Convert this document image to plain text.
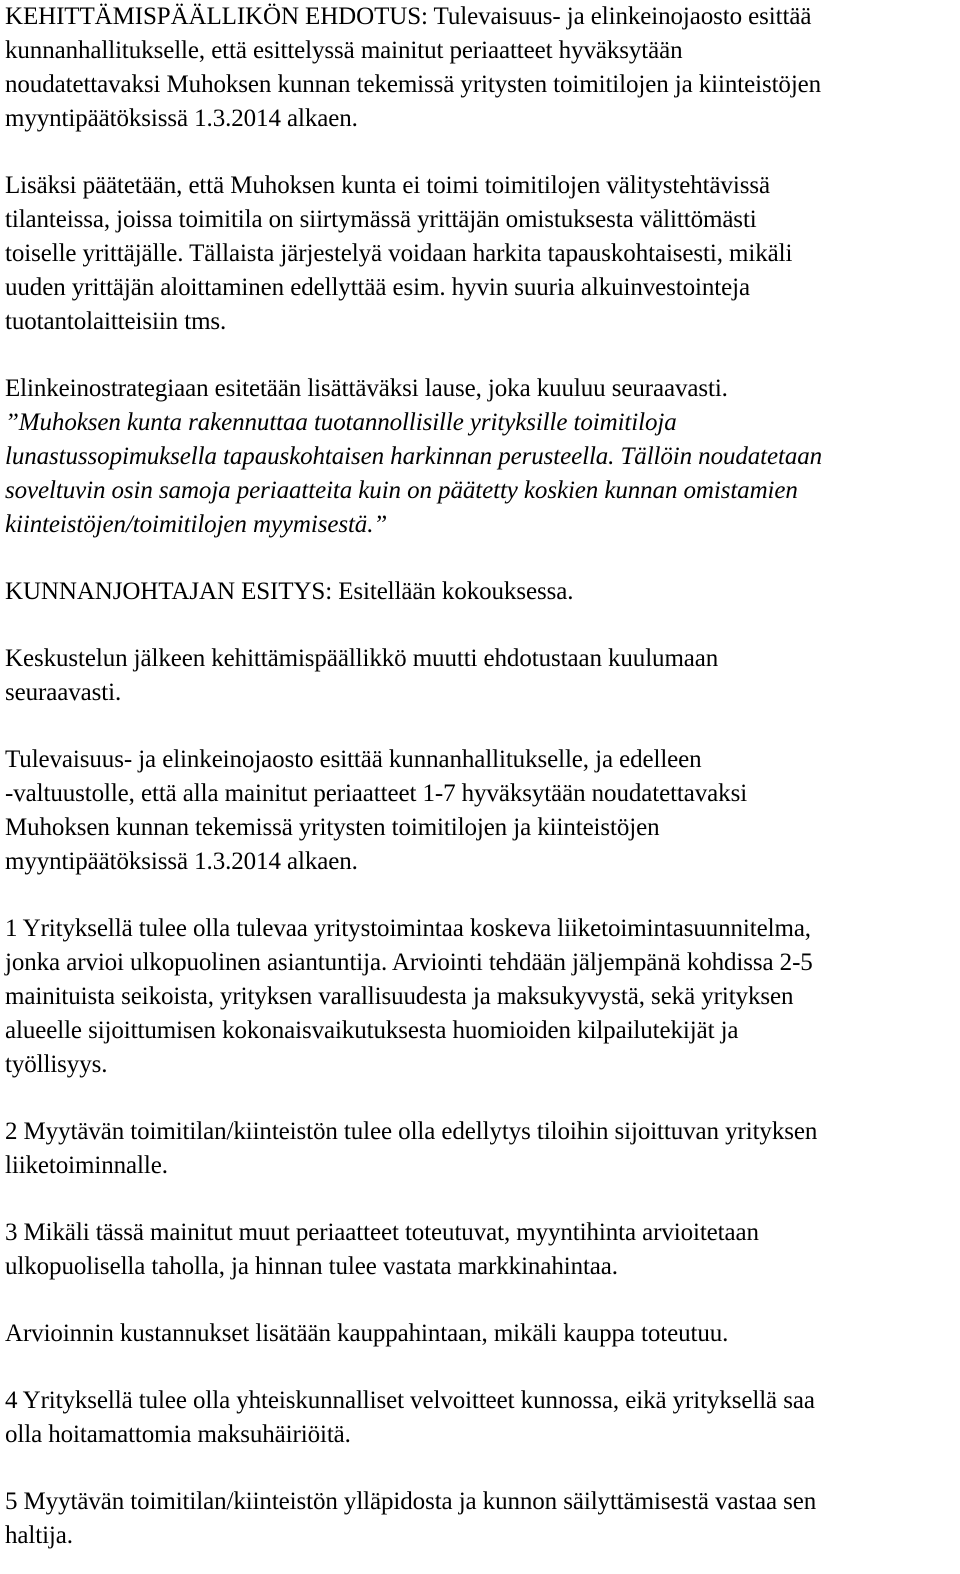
KEHITTÄMISPÄÄLLIKÖN EHDOTUS: Tulevaisuus- ja elinkeinojaosto esittää
kunnanhallitukselle, että esittelyssä mainitut periaatteet hyväksytään
noudatettavaksi Muhoksen kunnan tekemissä yritysten toimitilojen ja kiinteistöjen
myyntipäätöksissä 1.3.2014 alkaen.
Lisäksi päätetään, että Muhoksen kunta ei toimi toimitilojen välitystehtävissä
tilanteissa, joissa toimitila on siirtymässä yrittäjän omistuksesta välittömästi
toiselle yrittäjälle. Tällaista järjestelyä voidaan harkita tapauskohtaisesti, mikäli
uuden yrittäjän aloittaminen edellyttää esim. hyvin suuria alkuinvestointeja
tuotantolaitteisiin tms.
Elinkeinostrategiaan esitetään lisättäväksi lause, joka kuuluu seuraavasti.
”Muhoksen kunta rakennuttaa tuotannollisille yrityksille toimitiloja
lunastussopimuksella tapauskohtaisen harkinnan perusteella. Tällöin noudatetaan
soveltuvin osin samoja periaatteita kuin on päätetty koskien kunnan omistamien
kiinteistöjen/toimitilojen myymisestä.”
KUNNANJOHTAJAN ESITYS: Esitellään kokouksessa.
Keskustelun jälkeen kehittämispäällikkö muutti ehdotustaan kuulumaan
seuraavasti.
Tulevaisuus- ja elinkeinojaosto esittää kunnanhallitukselle, ja edelleen
-valtuustolle, että alla mainitut periaatteet 1-7 hyväksytään noudatettavaksi
Muhoksen kunnan tekemissä yritysten toimitilojen ja kiinteistöjen
myyntipäätöksissä 1.3.2014 alkaen.
1 Yrityksellä tulee olla tulevaa yritystoimintaa koskeva liiketoimintasuunnitelma,
jonka arvioi ulkopuolinen asiantuntija. Arviointi tehdään jäljempänä kohdissa 2-5
mainituista seikoista, yrityksen varallisuudesta ja maksukyvystä, sekä yrityksen
alueelle sijoittumisen kokonaisvaikutuksesta huomioiden kilpailutekijät ja
työllisyys.
2 Myytävän toimitilan/kiinteistön tulee olla edellytys tiloihin sijoittuvan yrityksen
liiketoiminnalle.
3 Mikäli tässä mainitut muut periaatteet toteutuvat, myyntihinta arvioitetaan
ulkopuolisella taholla, ja hinnan tulee vastata markkinahintaa.
Arvioinnin kustannukset lisätään kauppahintaan, mikäli kauppa toteutuu.
4 Yrityksellä tulee olla yhteiskunnalliset velvoitteet kunnossa, eikä yrityksellä saa
olla hoitamattomia maksuhäiriöitä.
5 Myytävän toimitilan/kiinteistön ylläpidosta ja kunnon säilyttämisestä vastaa sen
haltija.
